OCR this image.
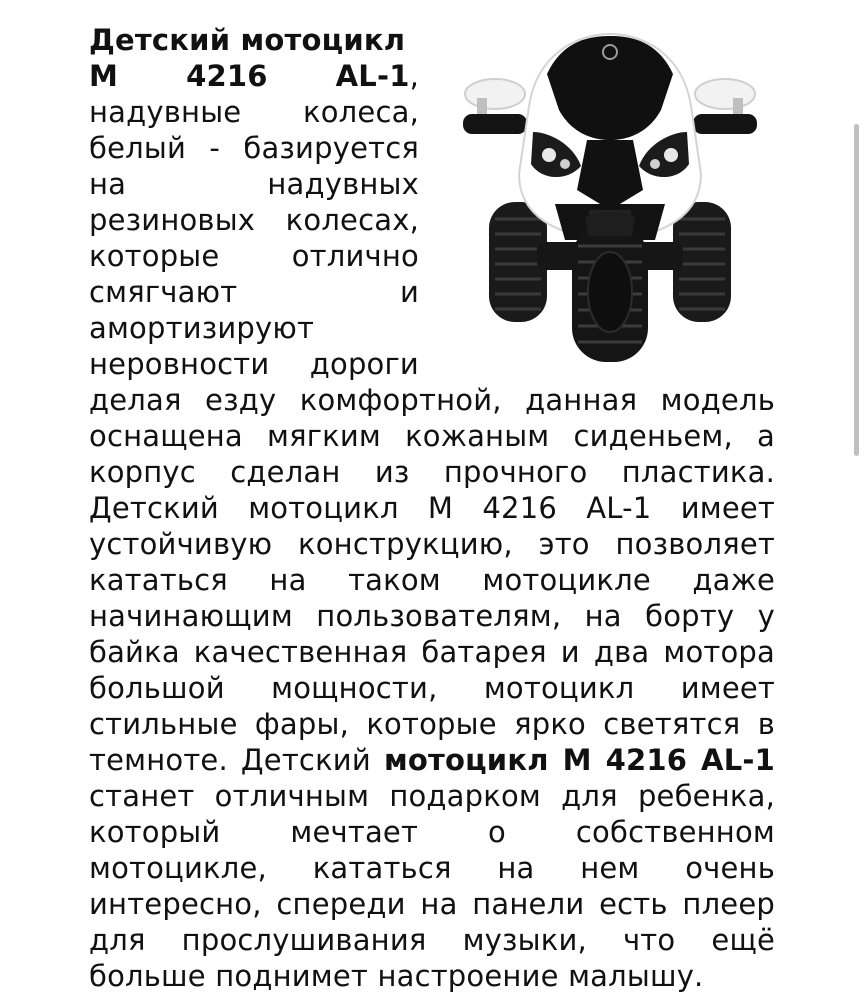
Детский мотоцикл
M 4216 AL-1, надувные колеса, белый - базируется на надувных резиновых колесах, которые отлично смягчают и амортизируют неровности дороги делая езду комфортной, данная модель оснащена мягким кожаным сиденьем, а корпус сделан из прочного пластика. Детский мотоцикл M 4216 AL-1 имеет устойчивую конструкцию, это позволяет кататься на таком мотоцикле даже начинающим пользователям, на борту у байка качественная батарея и два мотора большой мощности, мотоцикл имеет стильные фары, которые ярко светятся в темноте. Детский мотоцикл M 4216 AL-1 станет отличным подарком для ребенка, который мечтает о собственном мотоцикле, кататься на нем очень интересно, спереди на панели есть плеер для прослушивания музыки, что ещё больше поднимет настроение малышу.
